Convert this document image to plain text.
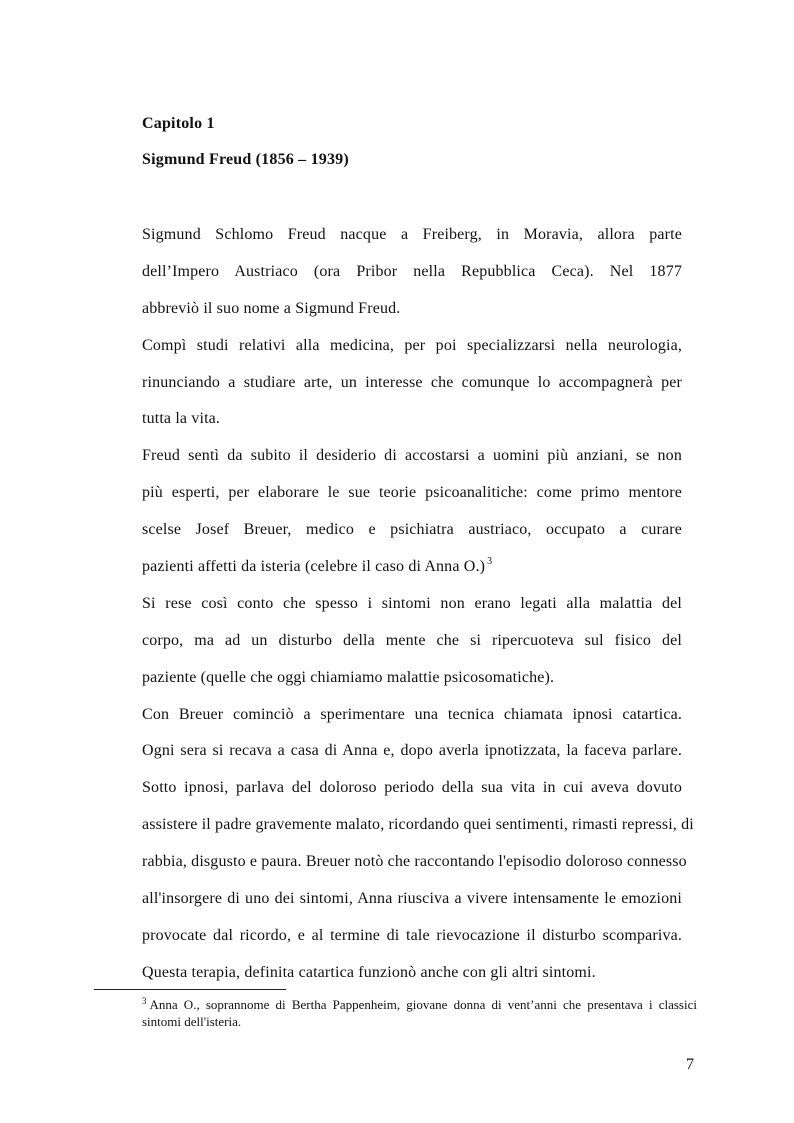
Capitolo 1
Sigmund Freud (1856 – 1939)
Sigmund Schlomo Freud nacque a Freiberg, in Moravia, allora parte
dell’Impero Austriaco (ora Pribor nella Repubblica Ceca). Nel 1877
abbreviò il suo nome a Sigmund Freud.
Compì studi relativi alla medicina, per poi specializzarsi nella neurologia,
rinunciando a studiare arte, un interesse che comunque lo accompagnerà per
tutta la vita.
Freud sentì da subito il desiderio di accostarsi a uomini più anziani, se non
più esperti, per elaborare le sue teorie psicoanalitiche: come primo mentore
scelse Josef Breuer, medico e psichiatra austriaco, occupato a curare
pazienti affetti da isteria (celebre il caso di Anna O.) $^3$
Si rese così conto che spesso i sintomi non erano legati alla malattia del
corpo, ma ad un disturbo della mente che si ripercuoteva sul fisico del
paziente (quelle che oggi chiamiamo malattie psicosomatiche).
Con Breuer cominciò a sperimentare una tecnica chiamata ipnosi catartica.
Ogni sera si recava a casa di Anna e, dopo averla ipnotizzata, la faceva parlare.
Sotto ipnosi, parlava del doloroso periodo della sua vita in cui aveva dovuto
assistere il padre gravemente malato, ricordando quei sentimenti, rimasti repressi, di
rabbia, disgusto e paura. Breuer notò che raccontando l'episodio doloroso connesso
all'insorgere di uno dei sintomi, Anna riusciva a vivere intensamente le emozioni
provocate dal ricordo, e al termine di tale rievocazione il disturbo scompariva.
Questa terapia, definita catartica funzionò anche con gli altri sintomi.
$^3$ Anna O., soprannome di Bertha Pappenheim, giovane donna di vent’anni che presentava i classici
sintomi dell'isteria.
7
